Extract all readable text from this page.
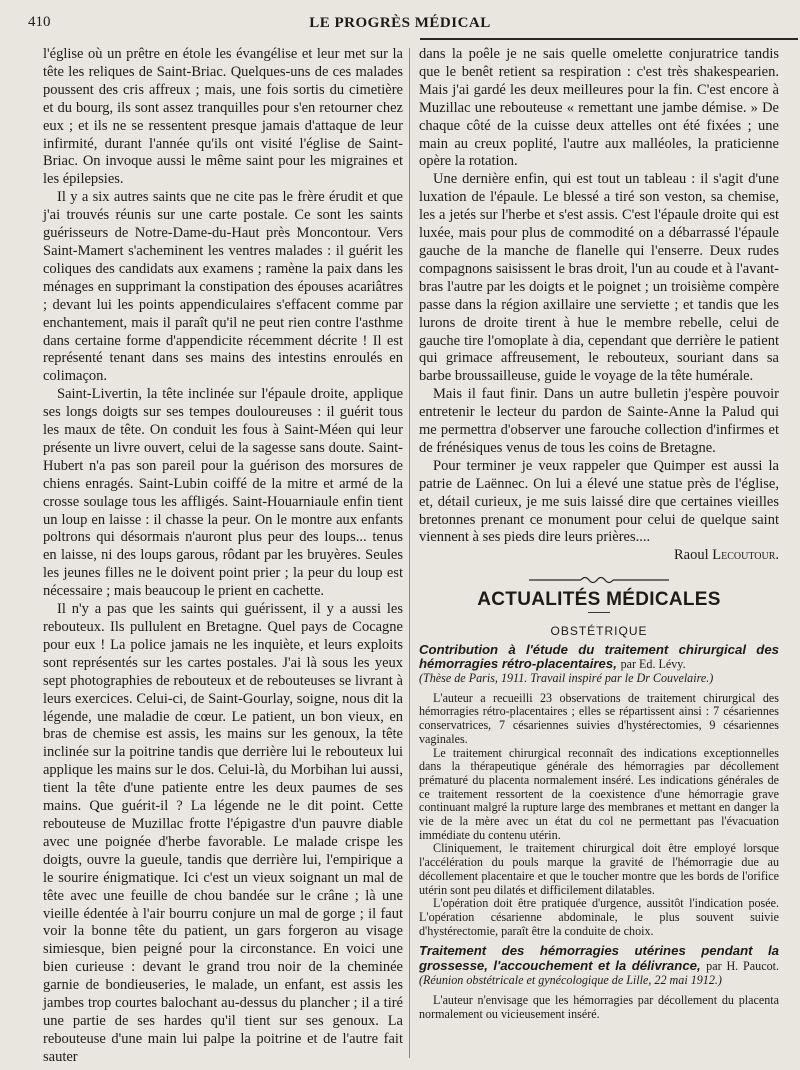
410	LE PROGRÈS MÉDICAL

l'église où un prêtre en étole les évangélise et leur met sur la tête les reliques de Saint-Briac. Quelques-uns de ces malades poussent des cris affreux ; mais, une fois sortis du cimetière et du bourg, ils sont assez tranquilles pour s'en retourner chez eux ; et ils ne se ressentent presque jamais d'attaque de leur infirmité, durant l'année qu'ils ont visité l'église de Saint-Briac. On invoque aussi le même saint pour les migraines et les épilepsies.

Il y a six autres saints que ne cite pas le frère érudit et que j'ai trouvés réunis sur une carte postale. Ce sont les saints guérisseurs de Notre-Dame-du-Haut près Moncontour. Vers Saint-Mamert s'acheminent les ventres malades : il guérit les coliques des candidats aux examens ; ramène la paix dans les ménages en supprimant la constipation des épouses acariâtres ; devant lui les points appendiculaires s'effacent comme par enchantement, mais il paraît qu'il ne peut rien contre l'asthme dans certaine forme d'appendicite récemment décrite ! Il est représenté tenant dans ses mains des intestins enroulés en colimaçon.

Saint-Livertin, la tête inclinée sur l'épaule droite, applique ses longs doigts sur ses tempes douloureuses : il guérit tous les maux de tête. On conduit les fous à Saint-Méen qui leur présente un livre ouvert, celui de la sagesse sans doute. Saint-Hubert n'a pas son pareil pour la guérison des morsures de chiens enragés. Saint-Lubin coiffé de la mitre et armé de la crosse soulage tous les affligés. Saint-Houarniaule enfin tient un loup en laisse : il chasse la peur. On le montre aux enfants poltrons qui désormais n'auront plus peur des loups... tenus en laisse, ni des loups garous, rôdant par les bruyères. Seules les jeunes filles ne le doivent point prier ; la peur du loup est nécessaire ; mais beaucoup le prient en cachette.

Il n'y a pas que les saints qui guérissent, il y a aussi les rebouteux. Ils pullulent en Bretagne. Quel pays de Cocagne pour eux ! La police jamais ne les inquiète, et leurs exploits sont représentés sur les cartes postales. J'ai là sous les yeux sept photographies de rebouteux et de rebouteuses se livrant à leurs exercices. Celui-ci, de Saint-Gourlay, soigne, nous dit la légende, une maladie de cœur. Le patient, un bon vieux, en bras de chemise est assis, les mains sur les genoux, la tête inclinée sur la poitrine tandis que derrière lui le rebouteux lui applique les mains sur le dos. Celui-là, du Morbihan lui aussi, tient la tête d'une patiente entre les deux paumes de ses mains. Que guérit-il ? La légende ne le dit point. Cette rebouteuse de Muzillac frotte l'épigastre d'un pauvre diable avec une poignée d'herbe favorable. Le malade crispe les doigts, ouvre la gueule, tandis que derrière lui, l'empirique a le sourire énigmatique. Ici c'est un vieux soignant un mal de tête avec une feuille de chou bandée sur le crâne ; là une vieille édentée à l'air bourru conjure un mal de gorge ; il faut voir la bonne tête du patient, un gars forgeron au visage simiesque, bien peigné pour la circonstance. En voici une bien curieuse : devant le grand trou noir de la cheminée garnie de bondieuseries, le malade, un enfant, est assis les jambes trop courtes balochant au-dessus du plancher ; il a tiré une partie de ses hardes qu'il tient sur ses genoux. La rebouteuse d'une main lui palpe la poitrine et de l'autre fait sauter

dans la poêle je ne sais quelle omelette conjuratrice tandis que le benêt retient sa respiration : c'est très shakespearien. Mais j'ai gardé les deux meilleures pour la fin. C'est encore à Muzillac une rebouteuse « remettant une jambe démise. » De chaque côté de la cuisse deux attelles ont été fixées ; une main au creux poplité, l'autre aux malléoles, la praticienne opère la rotation.

Une dernière enfin, qui est tout un tableau : il s'agit d'une luxation de l'épaule. Le blessé a tiré son veston, sa chemise, les a jetés sur l'herbe et s'est assis. C'est l'épaule droite qui est luxée, mais pour plus de commodité on a débarrassé l'épaule gauche de la manche de flanelle qui l'enserre. Deux rudes compagnons saisissent le bras droit, l'un au coude et à l'avant-bras l'autre par les doigts et le poignet ; un troisième compère passe dans la région axillaire une serviette ; et tandis que les lurons de droite tirent à hue le membre rebelle, celui de gauche tire l'omoplate à dia, cependant que derrière le patient qui grimace affreusement, le rebouteux, souriant dans sa barbe broussailleuse, guide le voyage de la tête humérale.

Mais il faut finir. Dans un autre bulletin j'espère pouvoir entretenir le lecteur du pardon de Sainte-Anne la Palud qui me permettra d'observer une farouche collection d'infirmes et de frénésiques venus de tous les coins de Bretagne.

Pour terminer je veux rappeler que Quimper est aussi la patrie de Laënnec. On lui a élevé une statue près de l'église, et, détail curieux, je me suis laissé dire que certaines vieilles bretonnes prenant ce monument pour celui de quelque saint viennent à ses pieds dire leurs prières....

Raoul Lecoutour.

ACTUALITÉS MÉDICALES
OBSTÉTRIQUE

Contribution à l'étude du traitement chirurgical des hémorragies rétro-placentaires, par Ed. Lévy.

(Thèse de Paris, 1911. Travail inspiré par le Dr Couvelaire.)

L'auteur a recueilli 23 observations de traitement chirurgical des hémorragies rétro-placentaires ; elles se répartissent ainsi : 7 césariennes conservatrices, 7 césariennes suivies d'hystérectomies, 9 césariennes vaginales.

Le traitement chirurgical reconnaît des indications exceptionnelles dans la thérapeutique générale des hémorragies par décollement prématuré du placenta normalement inséré. Les indications générales de ce traitement ressortent de la coexistence d'une hémorragie grave continuant malgré la rupture large des membranes et mettant en danger la vie de la mère avec un état du col ne permettant pas l'évacuation immédiate du contenu utérin.

Cliniquement, le traitement chirurgical doit être employé lorsque l'accélération du pouls marque la gravité de l'hémorragie due au décollement placentaire et que le toucher montre que les bords de l'orifice utérin sont peu dilatés et difficilement dilatables.

L'opération doit être pratiquée d'urgence, aussitôt l'indication posée. L'opération césarienne abdominale, le plus souvent suivie d'hystérectomie, paraît être la conduite de choix.

Traitement des hémorragies utérines pendant la grossesse, l'accouchement et la délivrance, par H. Paucot. (Réunion obstétricale et gynécologique de Lille, 22 mai 1912.)

L'auteur n'envisage que les hémorragies par décollement du placenta normalement ou vicieusement inséré.
